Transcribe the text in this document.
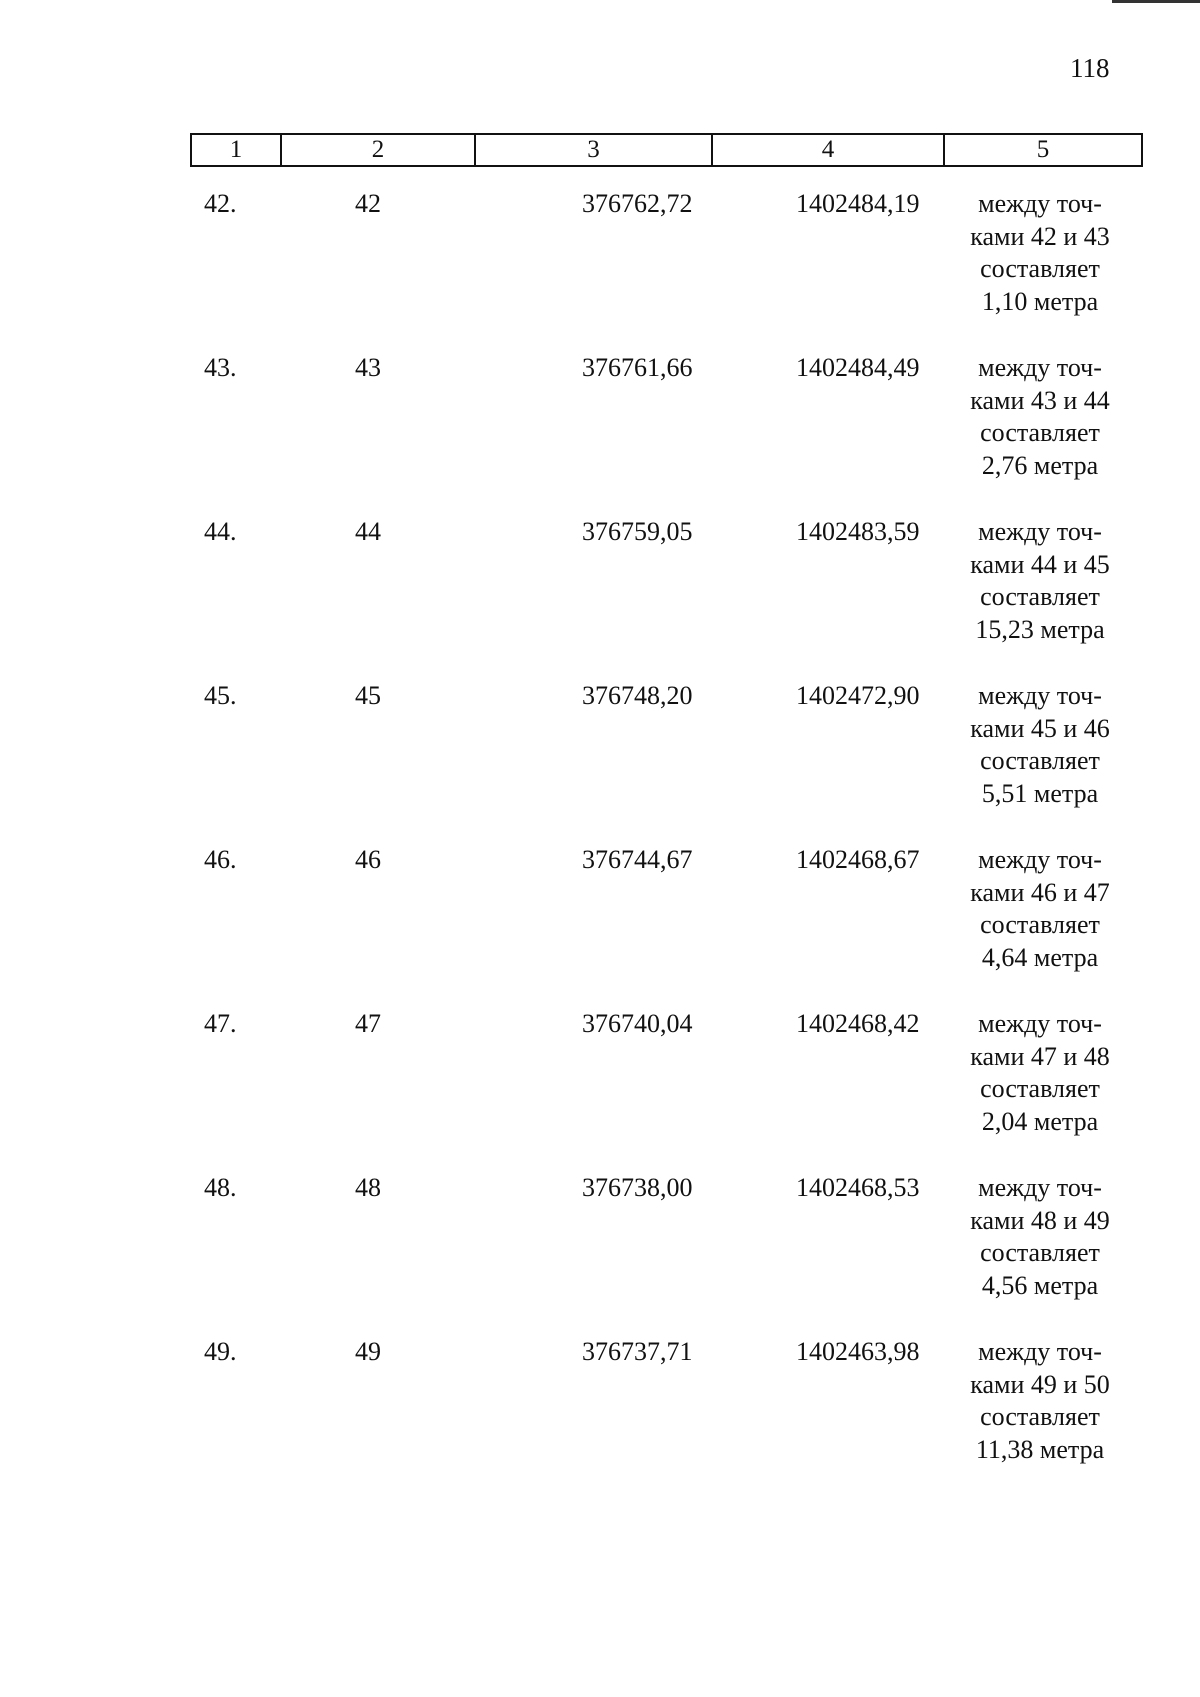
118
1	2	3	4	5
42.	42	376762,72	1402484,19	между точ-
ками 42 и 43
составляет
1,10 метра
43.	43	376761,66	1402484,49	между точ-
ками 43 и 44
составляет
2,76 метра
44.	44	376759,05	1402483,59	между точ-
ками 44 и 45
составляет
15,23 метра
45.	45	376748,20	1402472,90	между точ-
ками 45 и 46
составляет
5,51 метра
46.	46	376744,67	1402468,67	между точ-
ками 46 и 47
составляет
4,64 метра
47.	47	376740,04	1402468,42	между точ-
ками 47 и 48
составляет
2,04 метра
48.	48	376738,00	1402468,53	между точ-
ками 48 и 49
составляет
4,56 метра
49.	49	376737,71	1402463,98	между точ-
ками 49 и 50
составляет
11,38 метра
